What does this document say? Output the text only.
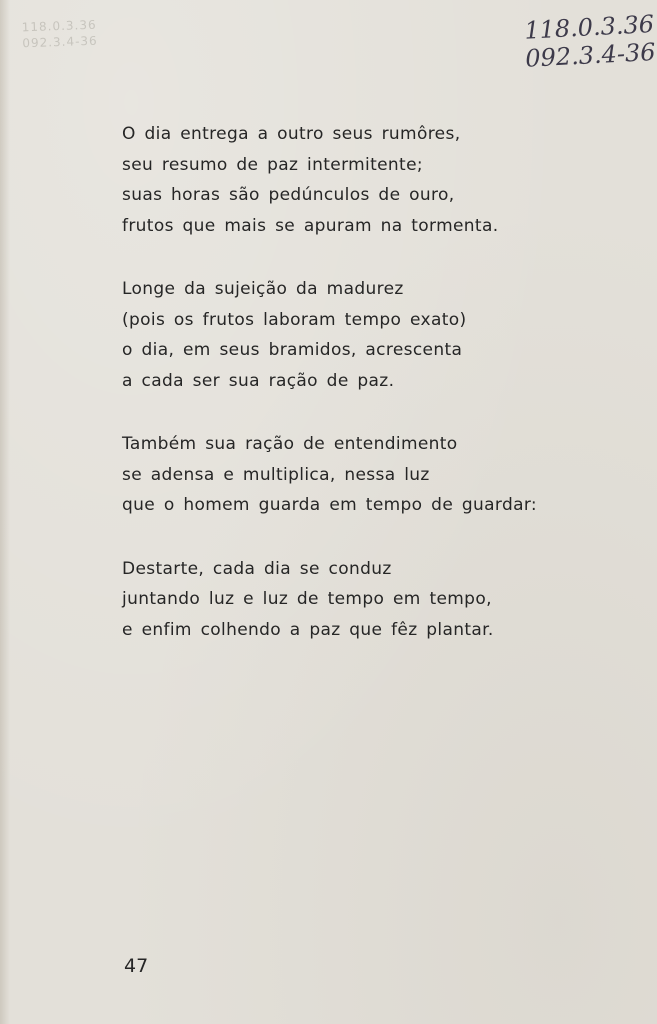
118.0.3.36
092.3.4-36	118.0.3.36
092.3.4-36
O dia entrega a outro seus rumôres,
seu resumo de paz intermitente;
suas horas são pedúnculos de ouro,
frutos que mais se apuram na tormenta.
Longe da sujeição da madurez
(pois os frutos laboram tempo exato)
o dia, em seus bramidos, acrescenta
a cada ser sua ração de paz.
Também sua ração de entendimento
se adensa e multiplica, nessa luz
que o homem guarda em tempo de guardar:
Destarte, cada dia se conduz
juntando luz e luz de tempo em tempo,
e enfim colhendo a paz que fêz plantar.
47
